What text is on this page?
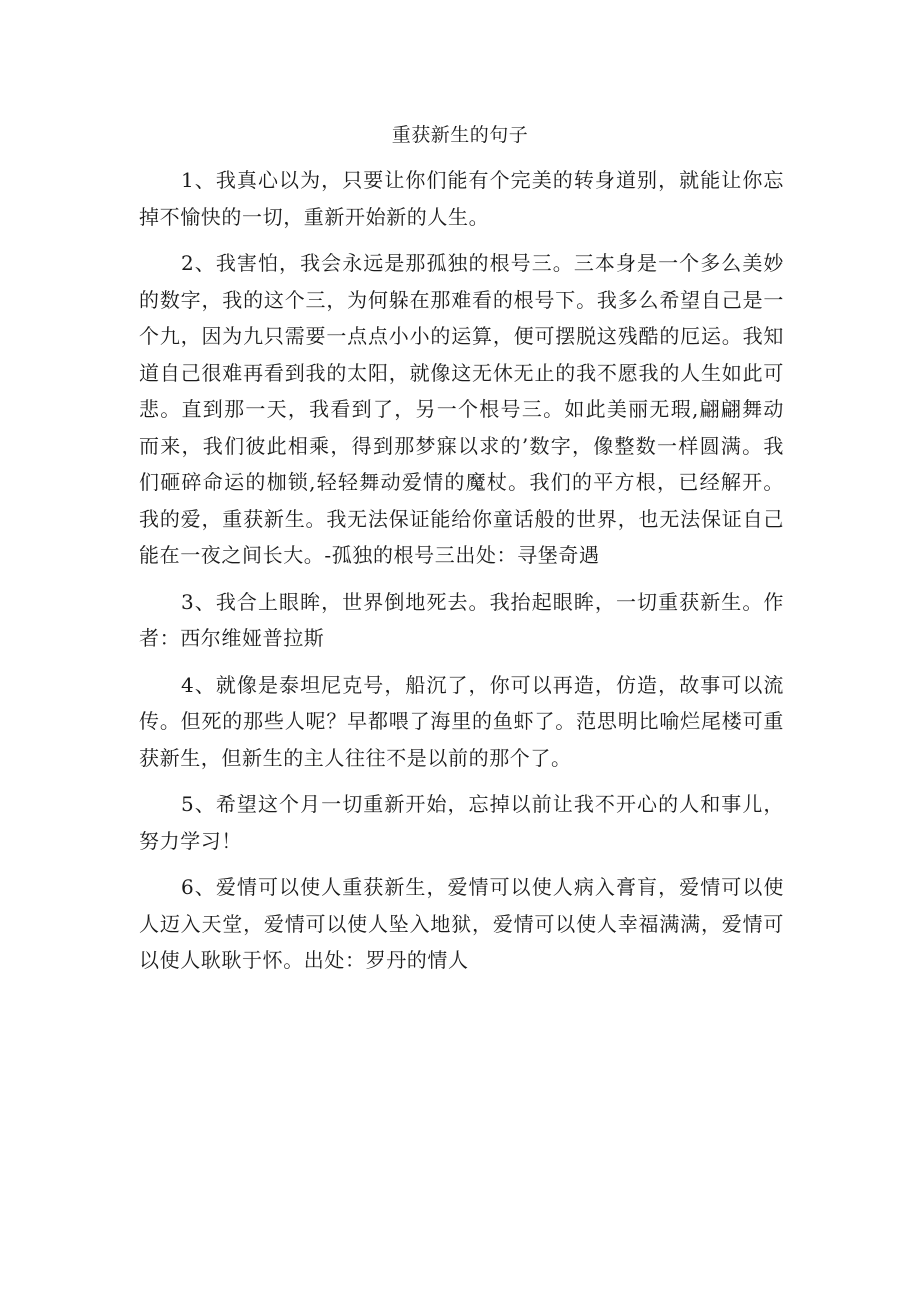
重获新生的句子

1、我真心以为，只要让你们能有个完美的转身道别，就能让你忘掉不愉快的一切，重新开始新的人生。

2、我害怕，我会永远是那孤独的根号三。三本身是一个多么美妙的数字，我的这个三，为何躲在那难看的根号下。我多么希望自己是一个九，因为九只需要一点点小小的运算，便可摆脱这残酷的厄运。我知道自己很难再看到我的太阳，就像这无休无止的我不愿我的人生如此可悲。直到那一天，我看到了，另一个根号三。如此美丽无瑕,翩翩舞动而来，我们彼此相乘，得到那梦寐以求的’数字，像整数一样圆满。我们砸碎命运的枷锁,轻轻舞动爱情的魔杖。我们的平方根，已经解开。我的爱，重获新生。我无法保证能给你童话般的世界，也无法保证自己能在一夜之间长大。-孤独的根号三出处：寻堡奇遇

3、我合上眼眸，世界倒地死去。我抬起眼眸，一切重获新生。作者：西尔维娅普拉斯

4、就像是泰坦尼克号，船沉了，你可以再造，仿造，故事可以流传。但死的那些人呢？早都喂了海里的鱼虾了。范思明比喻烂尾楼可重获新生，但新生的主人往往不是以前的那个了。

5、希望这个月一切重新开始，忘掉以前让我不开心的人和事儿，努力学习！

6、爱情可以使人重获新生，爱情可以使人病入膏肓，爱情可以使人迈入天堂，爱情可以使人坠入地狱，爱情可以使人幸福满满，爱情可以使人耿耿于怀。出处：罗丹的情人
